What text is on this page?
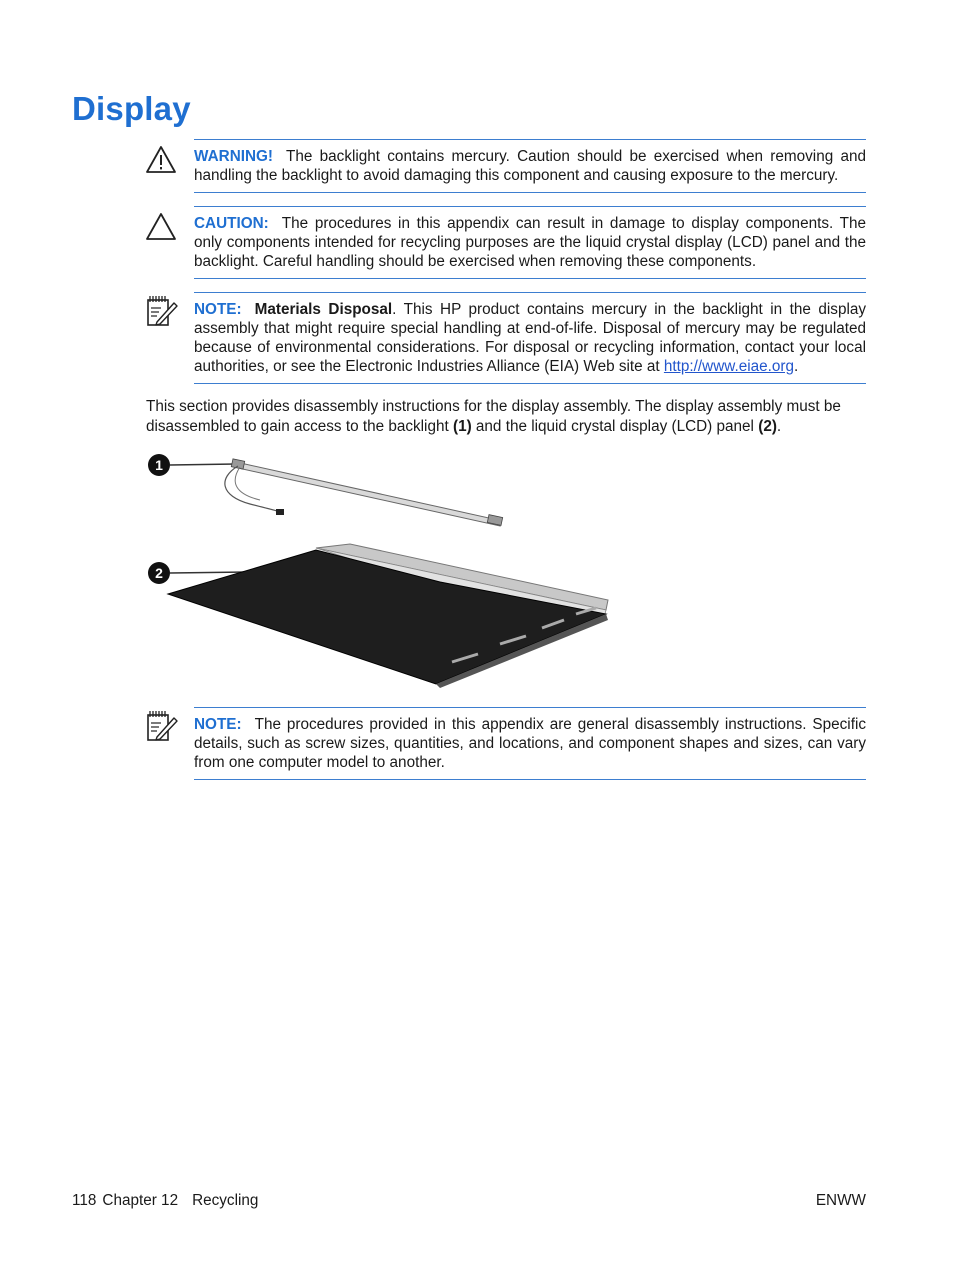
Display
WARNING! The backlight contains mercury. Caution should be exercised when removing and handling the backlight to avoid damaging this component and causing exposure to the mercury.
CAUTION: The procedures in this appendix can result in damage to display components. The only components intended for recycling purposes are the liquid crystal display (LCD) panel and the backlight. Careful handling should be exercised when removing these components.
NOTE: Materials Disposal. This HP product contains mercury in the backlight in the display assembly that might require special handling at end-of-life. Disposal of mercury may be regulated because of environmental considerations. For disposal or recycling information, contact your local authorities, or see the Electronic Industries Alliance (EIA) Web site at http://www.eiae.org.

This section provides disassembly instructions for the display assembly. The display assembly must be disassembled to gain access to the backlight (1) and the liquid crystal display (LCD) panel (2).

1
2
NOTE: The procedures provided in this appendix are general disassembly instructions. Specific details, such as screw sizes, quantities, and locations, and component shapes and sizes, can vary from one computer model to another.
118 Chapter 12 Recycling	ENWW
